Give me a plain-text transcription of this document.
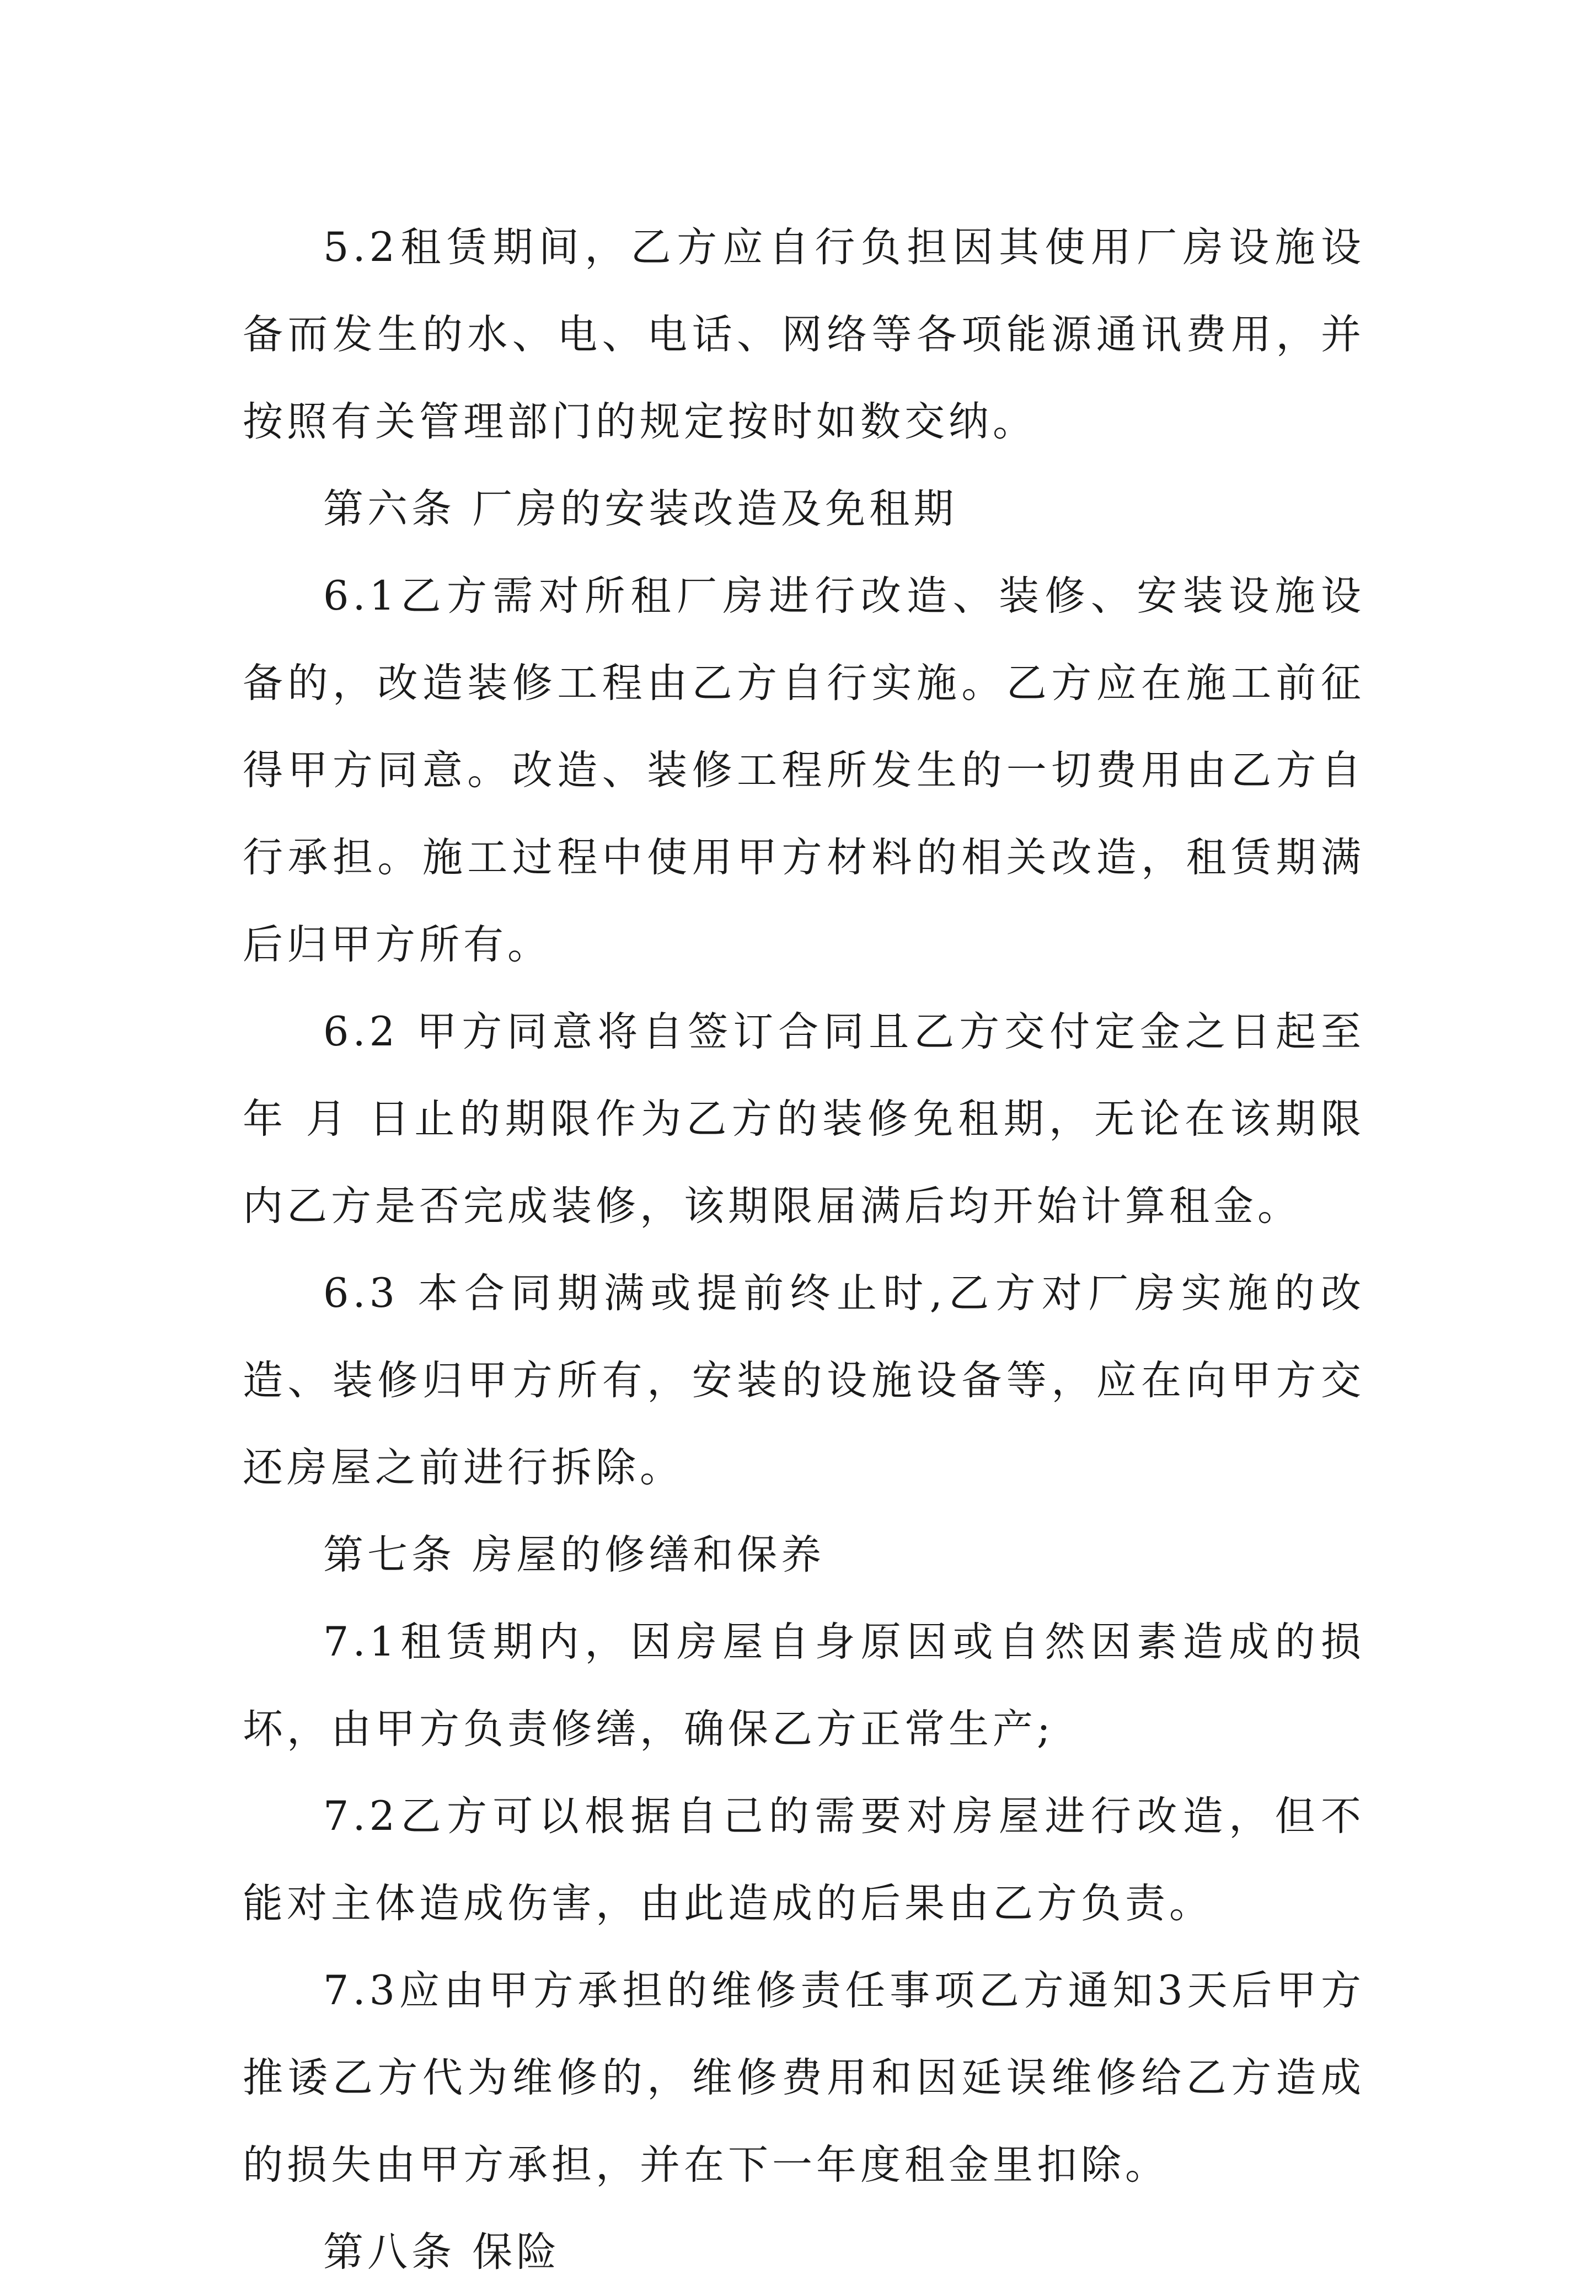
5.2租赁期间，乙方应自行负担因其使用厂房设施设备而发生的水、电、电话、网络等各项能源通讯费用，并按照有关管理部门的规定按时如数交纳。

第六条 厂房的安装改造及免租期

6.1乙方需对所租厂房进行改造、装修、安装设施设备的，改造装修工程由乙方自行实施。乙方应在施工前征得甲方同意。改造、装修工程所发生的一切费用由乙方自行承担。施工过程中使用甲方材料的相关改造，租赁期满后归甲方所有。

6.2 甲方同意将自签订合同且乙方交付定金之日起至 年 月 日止的期限作为乙方的装修免租期，无论在该期限内乙方是否完成装修，该期限届满后均开始计算租金。

6.3 本合同期满或提前终止时,乙方对厂房实施的改造、装修归甲方所有，安装的设施设备等，应在向甲方交还房屋之前进行拆除。

第七条 房屋的修缮和保养

7.1租赁期内，因房屋自身原因或自然因素造成的损坏，由甲方负责修缮，确保乙方正常生产;

7.2乙方可以根据自己的需要对房屋进行改造，但不能对主体造成伤害，由此造成的后果由乙方负责。

7.3应由甲方承担的维修责任事项乙方通知3天后甲方推诿乙方代为维修的，维修费用和因延误维修给乙方造成的损失由甲方承担，并在下一年度租金里扣除。

第八条 保险
